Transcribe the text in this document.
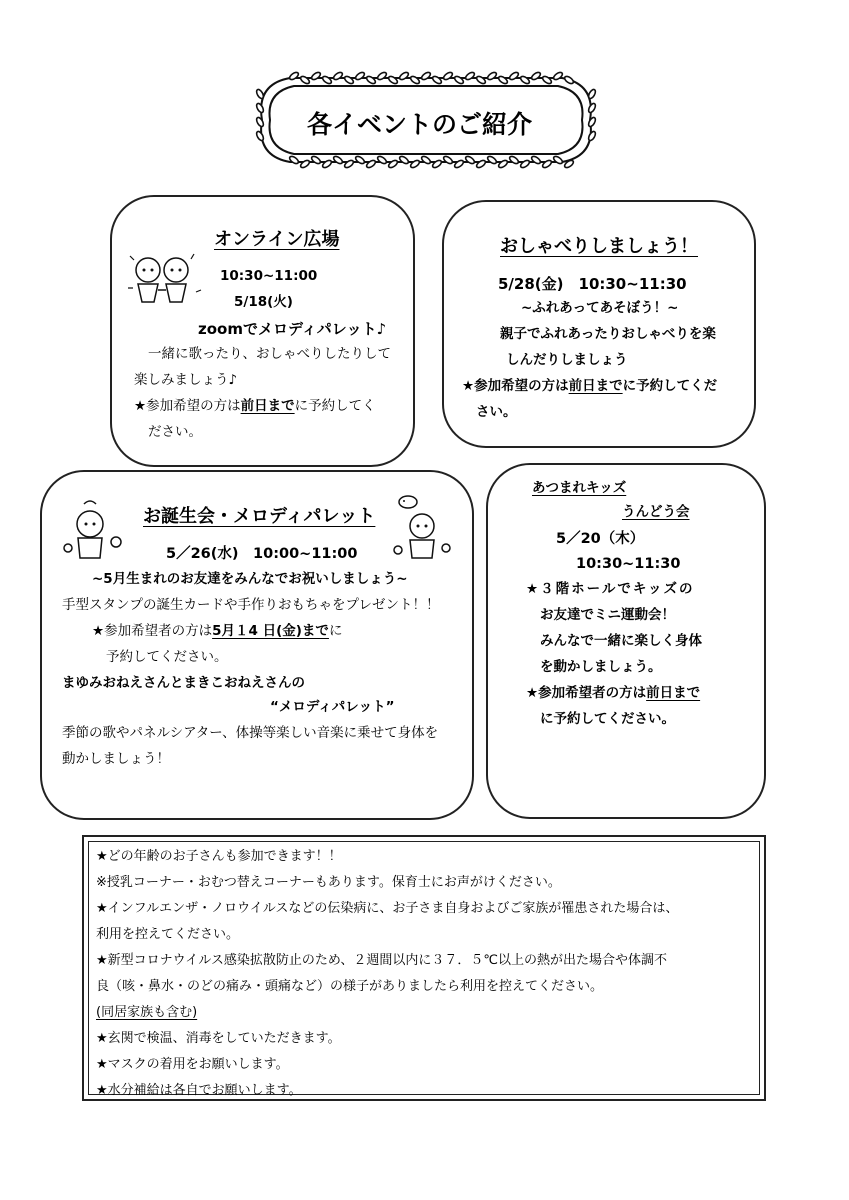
各イベントのご紹介
オンライン広場
10:30~11:00
5/18(火)
zoomでメロディパレット♪
一緒に歌ったり、おしゃべりしたりして
楽しみましょう♪
★参加希望の方は前日までに予約してく
ださい。
おしゃべりしましょう！
5/28(金)　10:30~11:30
~ふれあってあそぼう！~
親子でふれあったりおしゃべりを楽
しんだりしましょう
★参加希望の方は前日までに予約してくだ
さい。
お誕生会・メロディパレット
5／26(水)　10:00~11:00
~5月生まれのお友達をみんなでお祝いしましょう~
手型スタンプの誕生カードや手作りおもちゃをプレゼント！！
★参加希望者の方は5月１4 日(金)までに
予約してください。
まゆみおねえさんとまきこおねえさんの
“メロディパレット”
季節の歌やパネルシアター、体操等楽しい音楽に乗せて身体を
動かしましょう！
あつまれキッズ
うんどう会
5／20（木）
10:30~11:30
★３階ホールでキッズの
お友達でミニ運動会！
みんなで一緒に楽しく身体
を動かしましょう。
★参加希望者の方は前日まで
に予約してください。
★どの年齢のお子さんも参加できます！！
※授乳コーナー・おむつ替えコーナーもあります。保育士にお声がけください。
★インフルエンザ・ノロウイルスなどの伝染病に、お子さま自身およびご家族が罹患された場合は、
利用を控えてください。
★新型コロナウイルス感染拡散防止のため、２週間以内に３７．５℃以上の熱が出た場合や体調不
良（咳・鼻水・のどの痛み・頭痛など）の様子がありましたら利用を控えてください。
(同居家族も含む)
★玄関で検温、消毒をしていただきます。
★マスクの着用をお願いします。
★水分補給は各自でお願いします。
